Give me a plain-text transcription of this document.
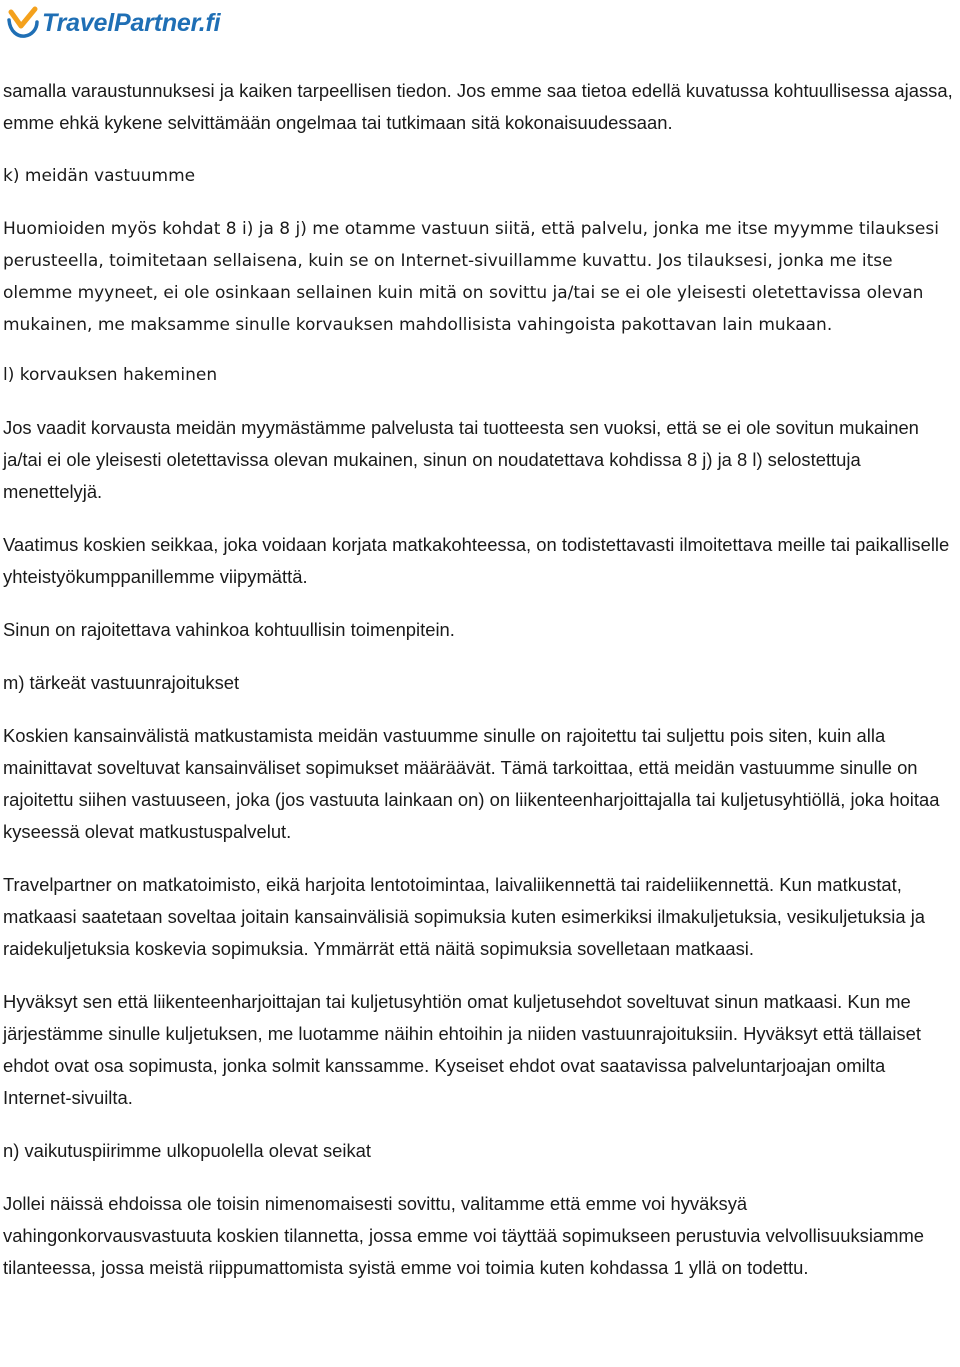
TravelPartner.fi

samalla varaustunnuksesi ja kaiken tarpeellisen tiedon. Jos emme saa tietoa edellä kuvatussa kohtuullisessa ajassa, emme ehkä kykene selvittämään ongelmaa tai tutkimaan sitä kokonaisuudessaan.

k) meidän vastuumme

Huomioiden myös kohdat 8 i) ja 8 j) me otamme vastuun siitä, että palvelu, jonka me itse myymme tilauksesi perusteella, toimitetaan sellaisena, kuin se on Internet-sivuillamme kuvattu. Jos tilauksesi, jonka me itse olemme myyneet, ei ole osinkaan sellainen kuin mitä on sovittu ja/tai se ei ole yleisesti oletettavissa olevan mukainen, me maksamme sinulle korvauksen mahdollisista vahingoista pakottavan lain mukaan.

l) korvauksen hakeminen

Jos vaadit korvausta meidän myymästämme palvelusta tai tuotteesta sen vuoksi, että se ei ole sovitun mukainen ja/tai ei ole yleisesti oletettavissa olevan mukainen, sinun on noudatettava kohdissa 8 j) ja 8 l) selostettuja menettelyjä.

Vaatimus koskien seikkaa, joka voidaan korjata matkakohteessa, on todistettavasti ilmoitettava meille tai paikalliselle yhteistyökumppanillemme viipymättä.

Sinun on rajoitettava vahinkoa kohtuullisin toimenpitein.

m) tärkeät vastuunrajoitukset

Koskien kansainvälistä matkustamista meidän vastuumme sinulle on rajoitettu tai suljettu pois siten, kuin alla mainittavat soveltuvat kansainväliset sopimukset määräävät. Tämä tarkoittaa, että meidän vastuumme sinulle on rajoitettu siihen vastuuseen, joka (jos vastuuta lainkaan on) on liikenteenharjoittajalla tai kuljetusyhtiöllä, joka hoitaa kyseessä olevat matkustuspalvelut.

Travelpartner on matkatoimisto, eikä harjoita lentotoimintaa, laivaliikennettä tai raideliikennettä. Kun matkustat, matkaasi saatetaan soveltaa joitain kansainvälisiä sopimuksia kuten esimerkiksi ilmakuljetuksia, vesikuljetuksia ja raidekuljetuksia koskevia sopimuksia. Ymmärrät että näitä sopimuksia sovelletaan matkaasi.

Hyväksyt sen että liikenteenharjoittajan tai kuljetusyhtiön omat kuljetusehdot soveltuvat sinun matkaasi. Kun me järjestämme sinulle kuljetuksen, me luotamme näihin ehtoihin ja niiden vastuunrajoituksiin. Hyväksyt että tällaiset ehdot ovat osa sopimusta, jonka solmit kanssamme. Kyseiset ehdot ovat saatavissa palveluntarjoajan omilta Internet-sivuilta.

n) vaikutuspiirimme ulkopuolella olevat seikat

Jollei näissä ehdoissa ole toisin nimenomaisesti sovittu, valitamme että emme voi hyväksyä vahingonkorvausvastuuta koskien tilannetta, jossa emme voi täyttää sopimukseen perustuvia velvollisuuksiamme tilanteessa, jossa meistä riippumattomista syistä emme voi toimia kuten kohdassa 1 yllä on todettu.
